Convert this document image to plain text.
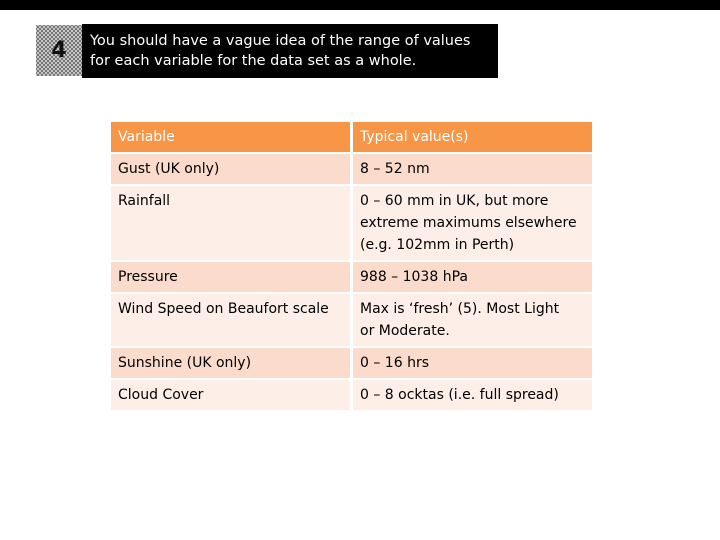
4 You should have a vague idea of the range of values
for each variable for the data set as a whole.
Variable	Typical value(s)
Gust (UK only)	8 – 52 nm
Rainfall	0 – 60 mm in UK, but more
extreme maximums elsewhere
(e.g. 102mm in Perth)

Pressure	988 – 1038 hPa
Wind Speed on Beaufort scale	Max is ‘fresh’ (5). Most Light
or Moderate.

Sunshine (UK only)	0 – 16 hrs
Cloud Cover	0 – 8 ocktas (i.e. full spread)
